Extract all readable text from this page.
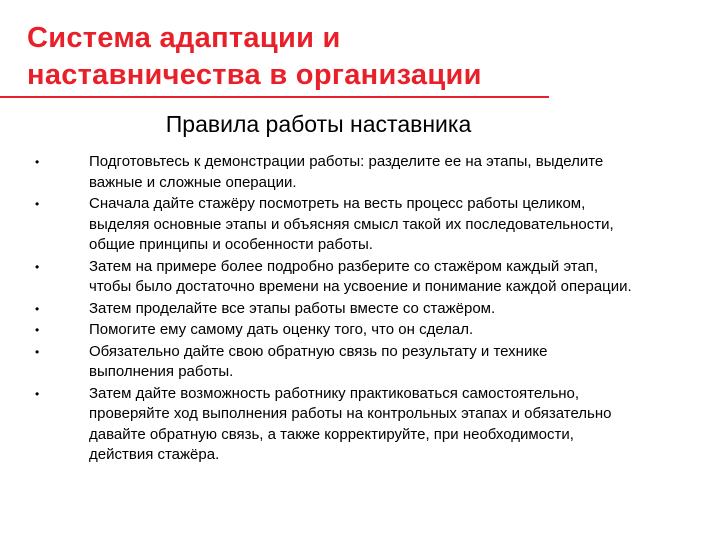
Система адаптации и
наставничества в организации
Правила работы наставника
•	Подготовьтесь к демонстрации работы: разделите ее на этапы, выделите
важные и сложные операции.
•	Сначала дайте стажёру посмотреть на весть процесс работы целиком,
выделяя основные этапы и объясняя смысл такой их последовательности,
общие принципы и особенности работы.
•	Затем на примере более подробно разберите со стажёром каждый этап,
чтобы было достаточно времени на усвоение и понимание каждой операции.
•	Затем проделайте все этапы работы вместе со стажёром.
•	Помогите ему самому дать оценку того, что он сделал.
•	Обязательно дайте свою обратную связь по результату и технике
выполнения работы.
•	Затем дайте возможность работнику практиковаться самостоятельно,
проверяйте ход выполнения работы на контрольных этапах и обязательно
давайте обратную связь, а также корректируйте, при необходимости,
действия стажёра.
